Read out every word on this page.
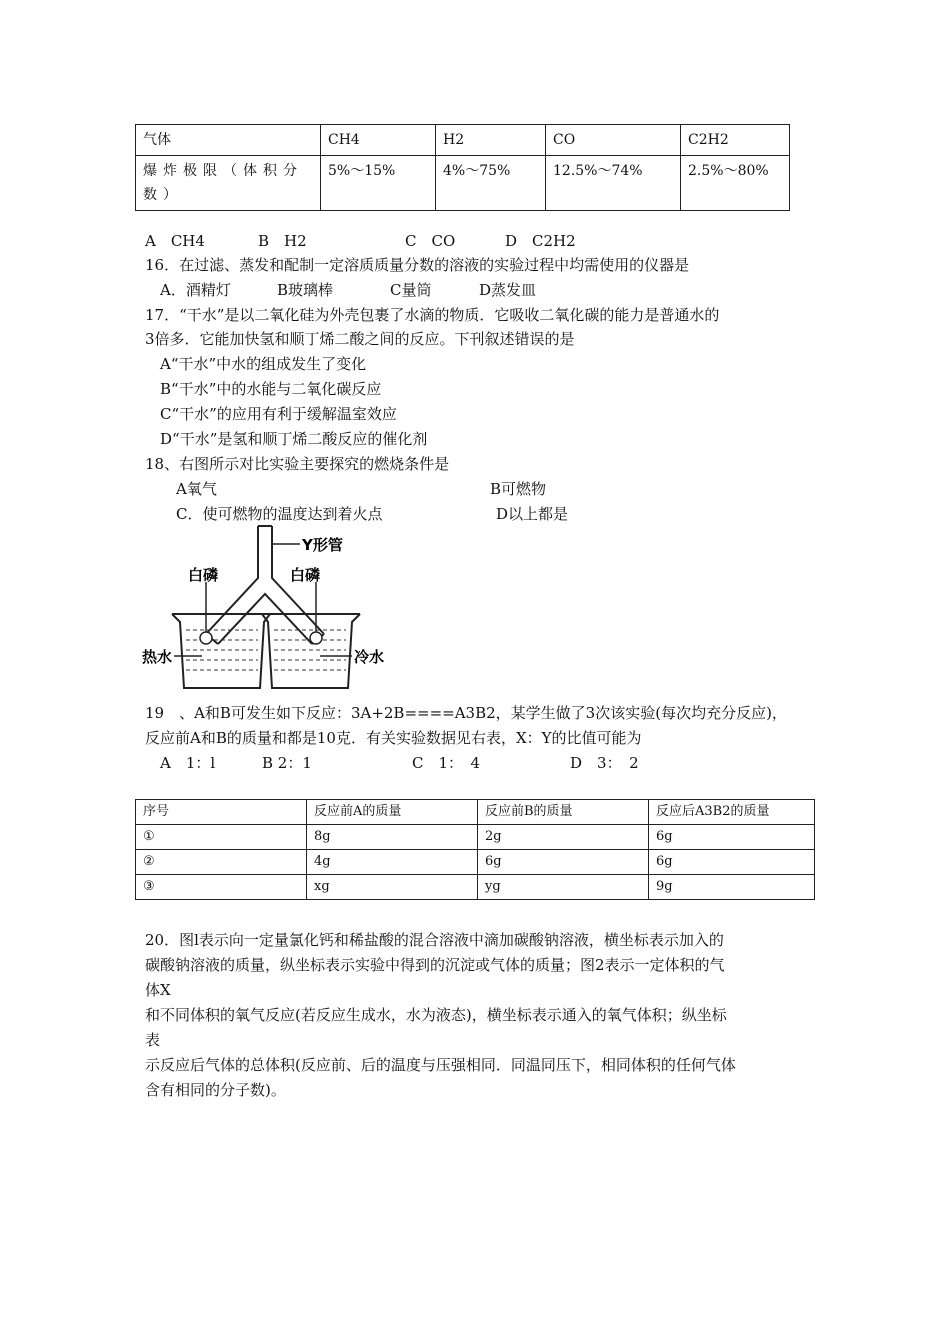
气体	CH4	H2	CO	C2H2
爆炸极限（体积分数）	5%～15%	4%～75%	12.5%～74%	2.5%～80%
A　CH4	B　H2	C　CO	D　C2H2
16．在过滤、蒸发和配制一定溶质质量分数的溶液的实验过程中均需使用的仪器是
A．酒精灯	B玻璃棒	C量筒	D蒸发皿
17．“干水”是以二氧化硅为外壳包裹了水滴的物质．它吸收二氧化碳的能力是普通水的
3倍多．它能加快氢和顺丁烯二酸之间的反应。下刊叙述错误的是
A“干水”中水的组成发生了变化
B“干水”中的水能与二氧化碳反应
C“干水”的应用有利于缓解温室效应
D“干水”是氢和顺丁烯二酸反应的催化剂
18、右图所示对比实验主要探究的燃烧条件是
A氧气	B可燃物
C．使可燃物的温度达到着火点	D以上都是
Y形管
白磷	白磷
热水	冷水
19　、A和B可发生如下反应：3A+2B====A3B2，某学生做了3次该实验(每次均充分反应)，
反应前A和B的质量和都是10克．有关实验数据见右表，X：Y的比值可能为
A　1：l	B 2：1	C　1：　4	D　3：　2
序号	反应前A的质量	反应前B的质量	反应后A3B2的质量
①	8g	2g	6g
②	4g	6g	6g
③	xg	yg	9g
20．图l表示向一定量氯化钙和稀盐酸的混合溶液中滴加碳酸钠溶液，横坐标表示加入的
碳酸钠溶液的质量，纵坐标表示实验中得到的沉淀或气体的质量；图2表示一定体积的气
体X
和不同体积的氧气反应(若反应生成水，水为液态)，横坐标表示通入的氧气体积；纵坐标
表
示反应后气体的总体积(反应前、后的温度与压强相同．同温同压下，相同体积的任何气体
含有相同的分子数)。
